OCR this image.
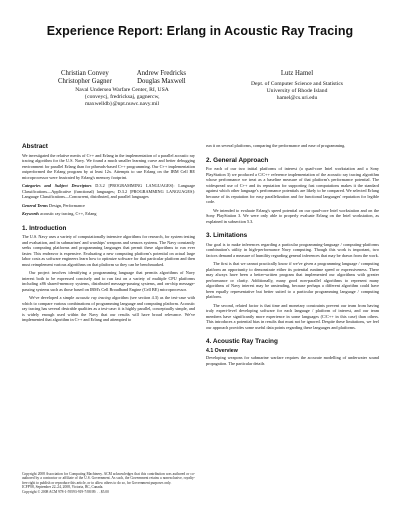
Experience Report: Erlang in Acoustic Ray Tracing
Christian Convey
Christopher Gagner
Andrew Fredricks
Douglas Maxwell
Naval Undersea Warfare Center, RI, USA
{conveycj, fredricksaj, gagnercw, maxwelldb}@npt.nuwc.navy.mil
Lutz Hamel
Dept. of Computer Science and Statistics
University of Rhode Island
hamel@cs.uri.edu
Abstract

We investigated the relative merits of C++ and Erlang in the implementation of a parallel acoustic ray tracing algorithm for the U.S. Navy. We found a much smaller learning curve and better debugging environment for parallel Erlang than for pthreads-based C++ programming. Our C++ implementation outperformed the Erlang program by at least 12x. Attempts to use Erlang on the IBM Cell BE microprocessor were frustrated by Erlang's memory footprint.

Categories and Subject Descriptors D.3.2 [PROGRAMMING LANGUAGES]: Language Classifications—Applicative (functional) languages; D.3.2 [PROGRAMMING LANGUAGES]: Language Classifications—Concurrent, distributed, and parallel languages

General Terms Design, Performance

Keywords acoustic ray tracing, C++, Erlang

1. Introduction

The U.S. Navy uses a variety of computationally intensive algorithms for research, for system testing and evaluation, and in submarines' and warships' weapons and sensors systems. The Navy constantly seeks computing platforms and programming languages that permit these algorithms to run ever faster. This endeavor is expensive. Evaluating a new computing platform's potential on actual large labor costs as software engineers learn how to optimize software for that particular platform and then must reimplement various algorithms on that platform so they can be benchmarked.

Our project involves identifying a programming language that permits algorithms of Navy interest both to be expressed concisely and to run fast on a variety of multiple CPU platforms including x86 shared-memory systems, distributed message-passing systems, and on-chip message-passing systems such as those based on IBM's Cell Broadband Engine (Cell BE) microprocessor.

We've developed a simple acoustic ray tracing algorithm (see section 4.3) as the test-case with which to compare various combinations of programming language and computing platform. Acoustic ray tracing has several desirable qualities as a test-case: it is highly parallel, conceptually simple, and is widely enough used within the Navy that our results will have broad relevance. We've implemented that algorithm in C++ and Erlang and attempted to

Copyright 2008 Association for Computing Machinery. ACM acknowledges that this contribution was authored or co-authored by a contractor or affiliate of the U.S. Government. As such, the Government retains a nonexclusive, royalty-free right to publish or reproduce this article, or to allow others to do so, for Government purposes only.
ICFP'08, September 22–24, 2008, Victoria, BC, Canada.
Copyright © 2008 ACM 978-1-59593-919-7/08/09. . . $5.00

run it on several platforms, comparing the performance and ease of programming.

2. General Approach

For each of our two initial platforms of interest (a quad-core Intel workstation and a Sony PlayStation 3) we produced a C/C++ reference implementation of the acoustic ray tracing algorithm whose performance we treat as a baseline measure of that platform's performance potential. The widespread use of C++ and its reputation for supporting fast computations makes it the standard against which other language's performance potentials are likely to be compared. We selected Erlang because of its reputation for easy parallelization and for functional languages' reputation for legible code.

We intended to evaluate Erlang's speed potential on our quad-core Intel workstation and on the Sony PlayStation 3. We were only able to properly evaluate Erlang on the Intel workstation, as explained in subsection 5.3.

3. Limitations

Our goal is to make inferences regarding a particular programming-language / computing-platforms combination's utility in high-performance Navy computing. Though this work is important, two factors demand a measure of humility regarding general inferences that may be drawn from the work.

The first is that we cannot practically know if we've given a programming language / computing platform an opportunity to demonstrate either its potential runtime speed or expressiveness. There may always have been a better-written program that implemented our algorithms with greater performance or clarity. Additionally, many good non-parallel algorithms to represent many algorithms of Navy interest may be unsteading, because perhaps a different algorithm could have been equally representative but better suited to a particular programming language / computing platform.

The second, related factor is that time and monetary constraints prevent our team from having truly expert-level developing software for each language / platform of interest, and our team members have significantly more experience in some languages (C/C++ in this case) than others. This introduces a potential bias in results that must not be ignored. Despite these limitations, we feel our approach provides some useful data points regarding these languages and platforms.

4. Acoustic Ray Tracing
4.1 Overview

Developing weapons for submarine warfare requires the accurate modelling of underwater sound propagation. The particular details
